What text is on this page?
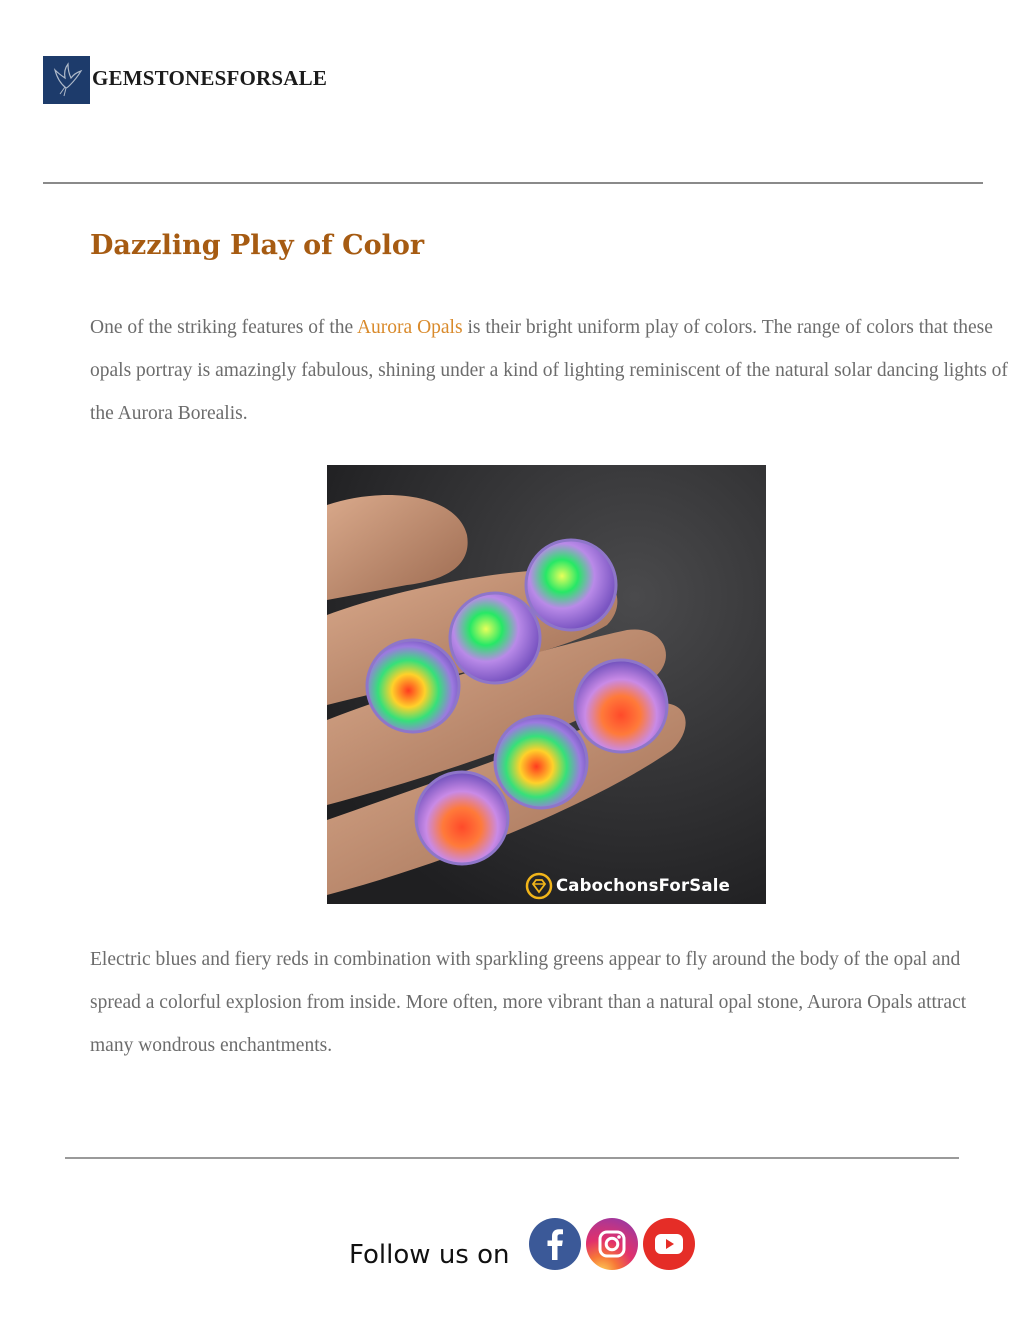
GEMSTONESFORSALE
Dazzling Play of Color

One of the striking features of the Aurora Opals is their bright uniform play of colors. The range of colors that these opals portray is amazingly fabulous, shining under a kind of lighting reminiscent of the natural solar dancing lights of the Aurora Borealis.

CabochonsForSale

Electric blues and fiery reds in combination with sparkling greens appear to fly around the body of the opal and spread a colorful explosion from inside. More often, more vibrant than a natural opal stone, Aurora Opals attract many wondrous enchantments.

Follow us on
